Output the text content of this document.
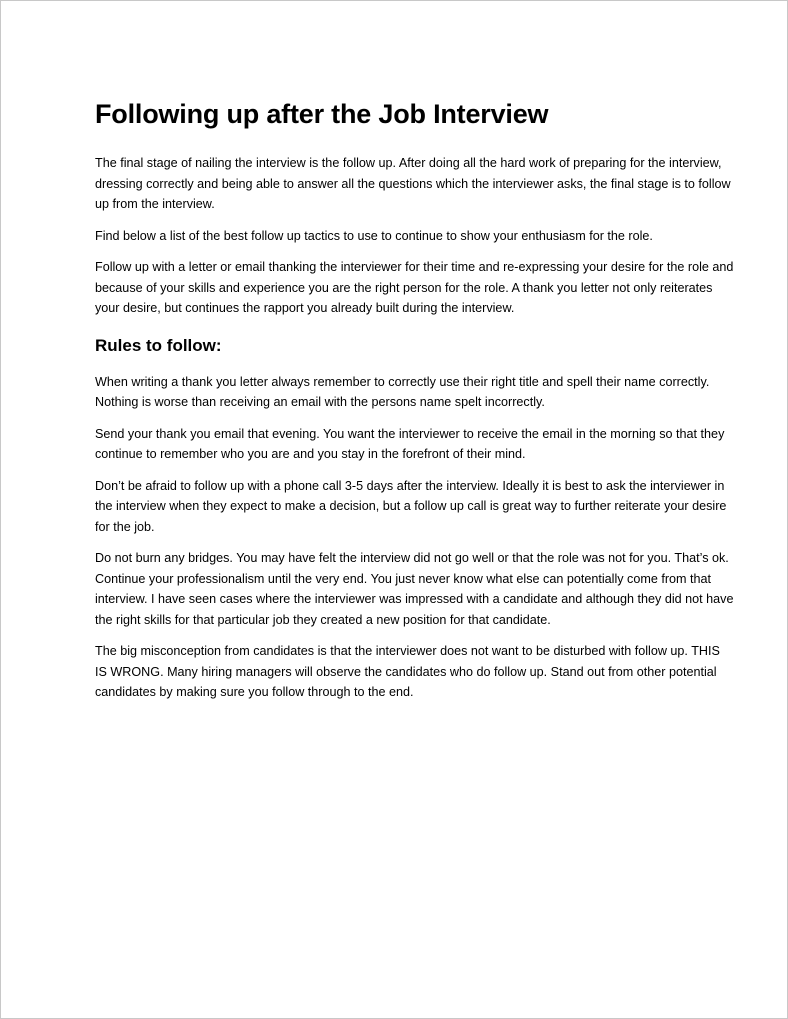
Following up after the Job Interview

The final stage of nailing the interview is the follow up. After doing all the hard work of preparing for the interview, dressing correctly and being able to answer all the questions which the interviewer asks, the final stage is to follow up from the interview.

Find below a list of the best follow up tactics to use to continue to show your enthusiasm for the role.

Follow up with a letter or email thanking the interviewer for their time and re-expressing your desire for the role and because of your skills and experience you are the right person for the role. A thank you letter not only reiterates your desire, but continues the rapport you already built during the interview.

Rules to follow:

When writing a thank you letter always remember to correctly use their right title and spell their name correctly. Nothing is worse than receiving an email with the persons name spelt incorrectly.

Send your thank you email that evening. You want the interviewer to receive the email in the morning so that they continue to remember who you are and you stay in the forefront of their mind.

Don’t be afraid to follow up with a phone call 3-5 days after the interview. Ideally it is best to ask the interviewer in the interview when they expect to make a decision, but a follow up call is great way to further reiterate your desire for the job.

Do not burn any bridges. You may have felt the interview did not go well or that the role was not for you. That’s ok. Continue your professionalism until the very end. You just never know what else can potentially come from that interview. I have seen cases where the interviewer was impressed with a candidate and although they did not have the right skills for that particular job they created a new position for that candidate.

The big misconception from candidates is that the interviewer does not want to be disturbed with follow up. THIS IS WRONG. Many hiring managers will observe the candidates who do follow up. Stand out from other potential candidates by making sure you follow through to the end.
